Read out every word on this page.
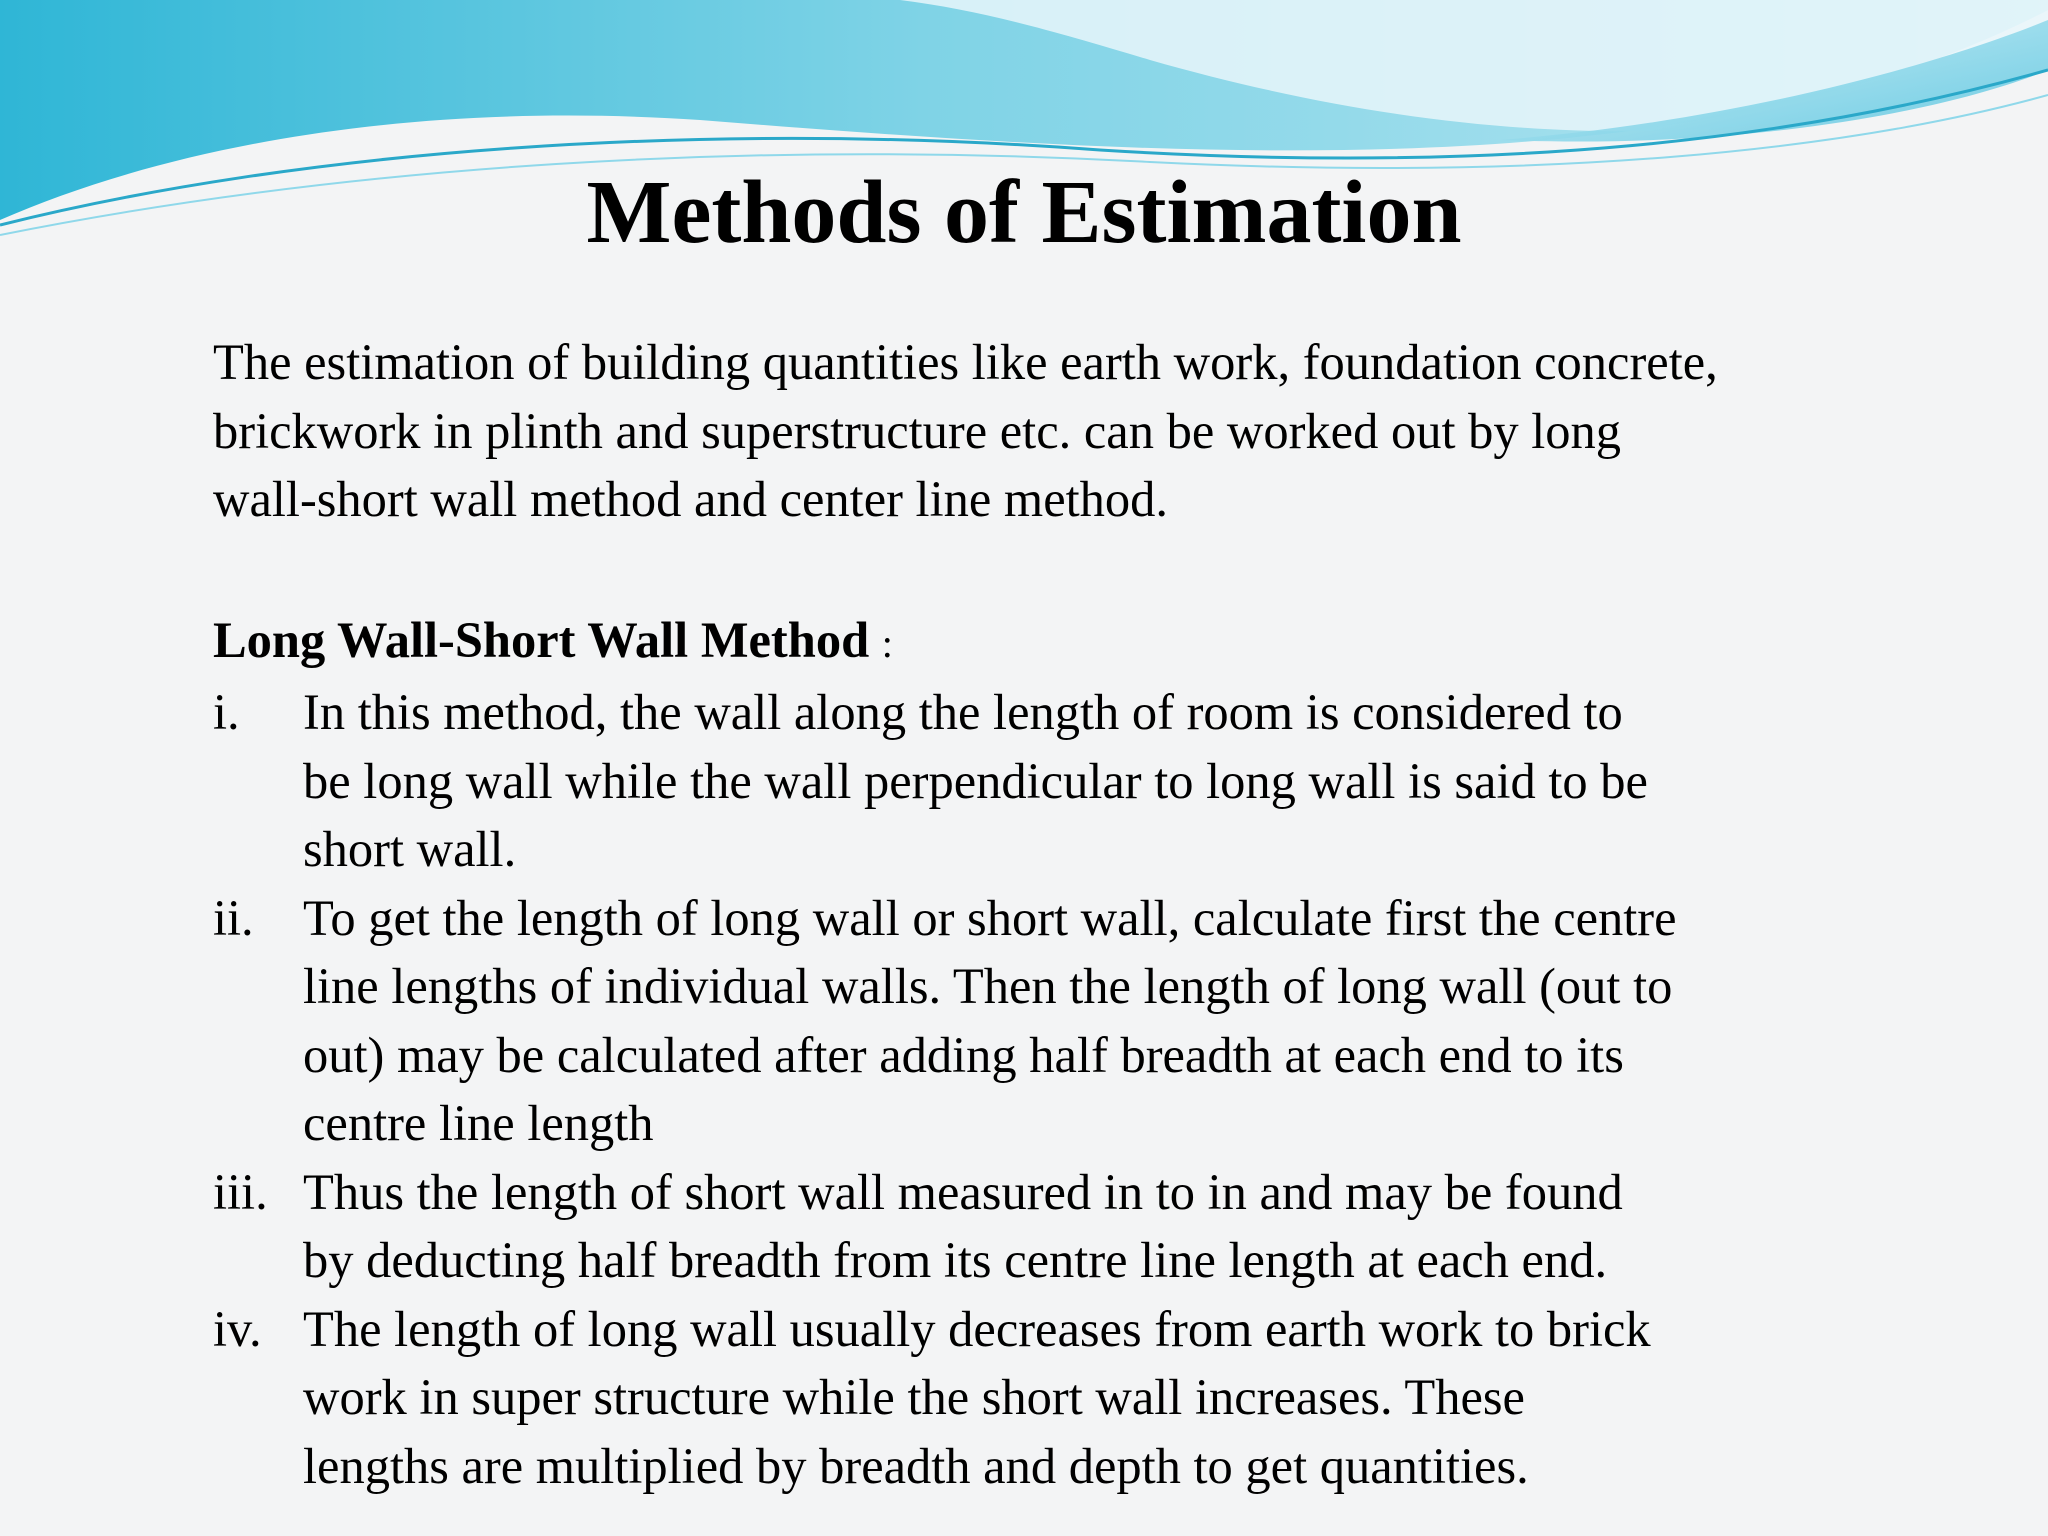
Methods of Estimation

The estimation of building quantities like earth work, foundation concrete,
brickwork in plinth and superstructure etc. can be worked out by long
wall-short wall method and center line method.

Long Wall-Short Wall Method :
i.	In this method, the wall along the length of room is considered to
be long wall while the wall perpendicular to long wall is said to be
short wall.
ii. To get the length of long wall or short wall, calculate first the centre
line lengths of individual walls. Then the length of long wall (out to
out) may be calculated after adding half breadth at each end to its
centre line length
iii. Thus the length of short wall measured in to in and may be found
by deducting half breadth from its centre line length at each end.
iv. The length of long wall usually decreases from earth work to brick
work in super structure while the short wall increases. These
lengths are multiplied by breadth and depth to get quantities.
